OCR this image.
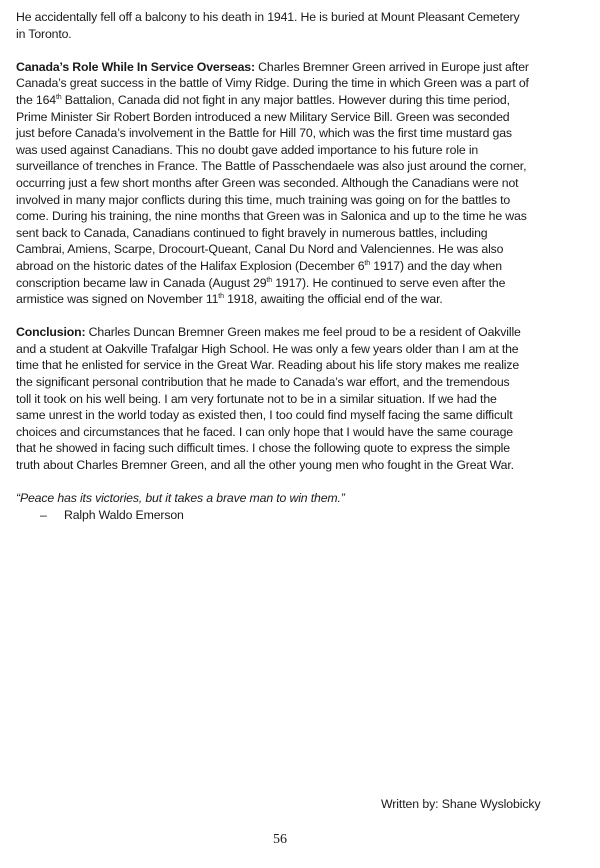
He accidentally fell off a balcony to his death in 1941. He is buried at Mount Pleasant Cemetery
in Toronto.

Canada’s Role While In Service Overseas: Charles Bremner Green arrived in Europe just after
Canada’s great success in the battle of Vimy Ridge. During the time in which Green was a part of
the 164th Battalion, Canada did not fight in any major battles. However during this time period,
Prime Minister Sir Robert Borden introduced a new Military Service Bill. Green was seconded
just before Canada’s involvement in the Battle for Hill 70, which was the first time mustard gas
was used against Canadians. This no doubt gave added importance to his future role in
surveillance of trenches in France. The Battle of Passchendaele was also just around the corner,
occurring just a few short months after Green was seconded. Although the Canadians were not
involved in many major conflicts during this time, much training was going on for the battles to
come. During his training, the nine months that Green was in Salonica and up to the time he was
sent back to Canada, Canadians continued to fight bravely in numerous battles, including
Cambrai, Amiens, Scarpe, Drocourt-Queant, Canal Du Nord and Valenciennes. He was also
abroad on the historic dates of the Halifax Explosion (December 6th 1917) and the day when
conscription became law in Canada (August 29th 1917). He continued to serve even after the
armistice was signed on November 11th 1918, awaiting the official end of the war.

Conclusion: Charles Duncan Bremner Green makes me feel proud to be a resident of Oakville
and a student at Oakville Trafalgar High School. He was only a few years older than I am at the
time that he enlisted for service in the Great War. Reading about his life story makes me realize
the significant personal contribution that he made to Canada’s war effort, and the tremendous
toll it took on his well being. I am very fortunate not to be in a similar situation. If we had the
same unrest in the world today as existed then, I too could find myself facing the same difficult
choices and circumstances that he faced. I can only hope that I would have the same courage
that he showed in facing such difficult times. I chose the following quote to express the simple
truth about Charles Bremner Green, and all the other young men who fought in the Great War.

“Peace has its victories, but it takes a brave man to win them.”

– Ralph Waldo Emerson
Written by: Shane Wyslobicky
56
